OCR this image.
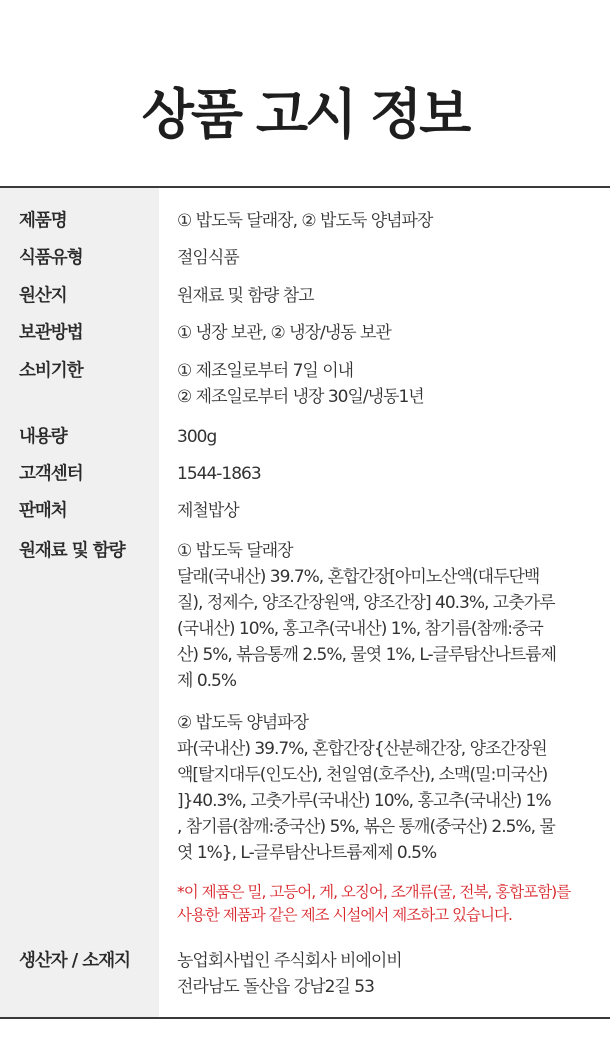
상품 고시 정보
제품명	① 밥도둑 달래장, ② 밥도둑 양념파장
식품유형	절임식품
원산지	원재료 및 함량 참고
보관방법	① 냉장 보관, ② 냉장/냉동 보관
소비기한	① 제조일로부터 7일 이내
② 제조일로부터 냉장 30일/냉동1년
내용량	300g
고객센터	1544-1863
판매처	제철밥상
원재료 및 함량	① 밥도둑 달래장
달래(국내산) 39.7%, 혼합간장[아미노산액(대두단백
질), 정제수, 양조간장원액, 양조간장] 40.3%, 고춧가루
(국내산) 10%, 홍고추(국내산) 1%, 참기름(참깨:중국
산) 5%, 볶음통깨 2.5%, 물엿 1%, L-글루탐산나트륨제
제 0.5%
② 밥도둑 양념파장
파(국내산) 39.7%, 혼합간장{산분해간장, 양조간장원
액[탈지대두(인도산), 천일염(호주산), 소맥(밀:미국산)
]}40.3%, 고춧가루(국내산) 10%, 홍고추(국내산) 1%
, 참기름(참깨:중국산) 5%, 볶은 통깨(중국산) 2.5%, 물
엿 1%}, L-글루탐산나트륨제제 0.5%
*이 제품은 밀, 고등어, 게, 오징어, 조개류(굴, 전복, 홍합포함)를
사용한 제품과 같은 제조 시설에서 제조하고 있습니다.
생산자 / 소재지	농업회사법인 주식회사 비에이비
전라남도 돌산읍 강남2길 53
